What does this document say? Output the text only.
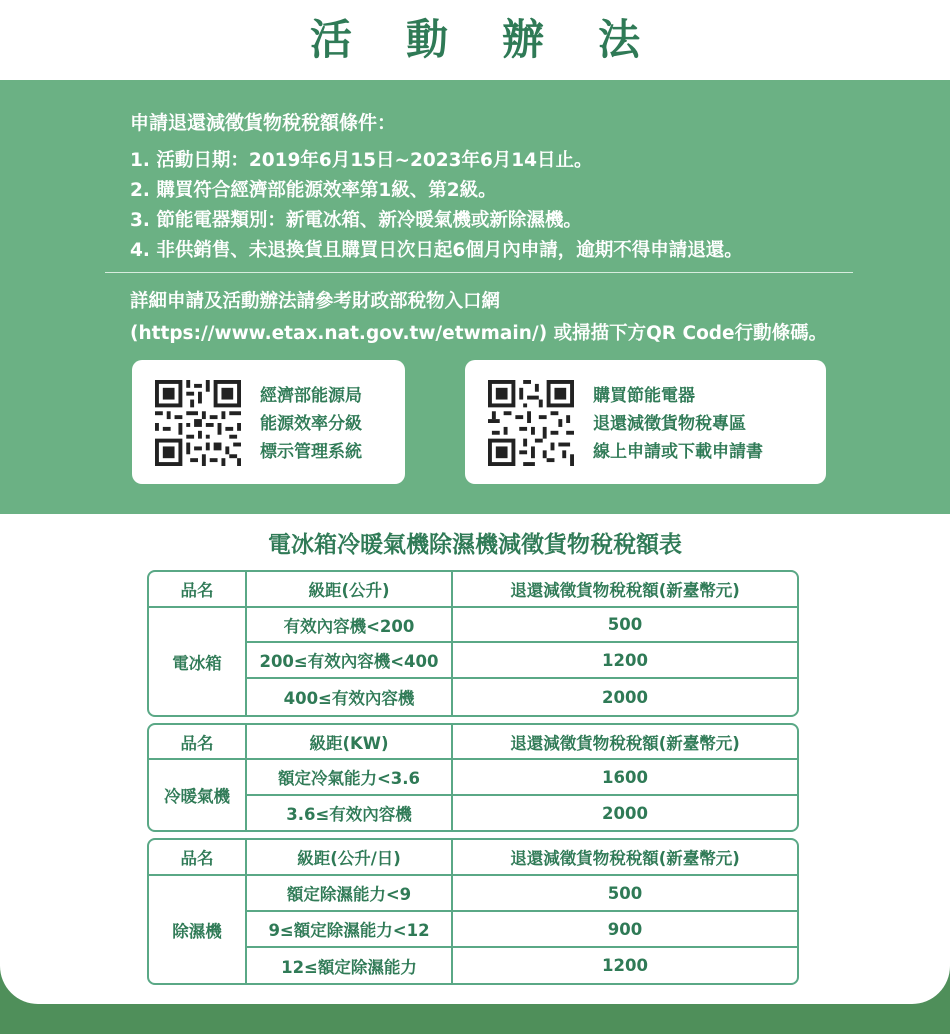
活動辦法
申請退還減徵貨物稅稅額條件：
1. 活動日期：2019年6月15日~2023年6月14日止。
2. 購買符合經濟部能源效率第1級、第2級。
3. 節能電器類別：新電冰箱、新冷暖氣機或新除濕機。
4. 非供銷售、未退換貨且購買日次日起6個月內申請，逾期不得申請退還。
詳細申請及活動辦法請參考財政部稅物入口網
(https://www.etax.nat.gov.tw/etwmain/) 或掃描下方QR Code行動條碼。
經濟部能源局
能源效率分級
標示管理系統
購買節能電器
退還減徵貨物稅專區
線上申請或下載申請書
電冰箱冷暖氣機除濕機減徵貨物稅稅額表
品名	級距(公升)	退還減徵貨物稅稅額(新臺幣元)
電冰箱
有效內容機<200	500
200≤有效內容機<400	1200
400≤有效內容機	2000
品名	級距(KW)	退還減徵貨物稅稅額(新臺幣元)
冷暖氣機
額定冷氣能力<3.6	1600
3.6≤有效內容機	2000
品名	級距(公升/日)	退還減徵貨物稅稅額(新臺幣元)
除濕機
額定除濕能力<9	500
9≤額定除濕能力<12	900
12≤額定除濕能力	1200
